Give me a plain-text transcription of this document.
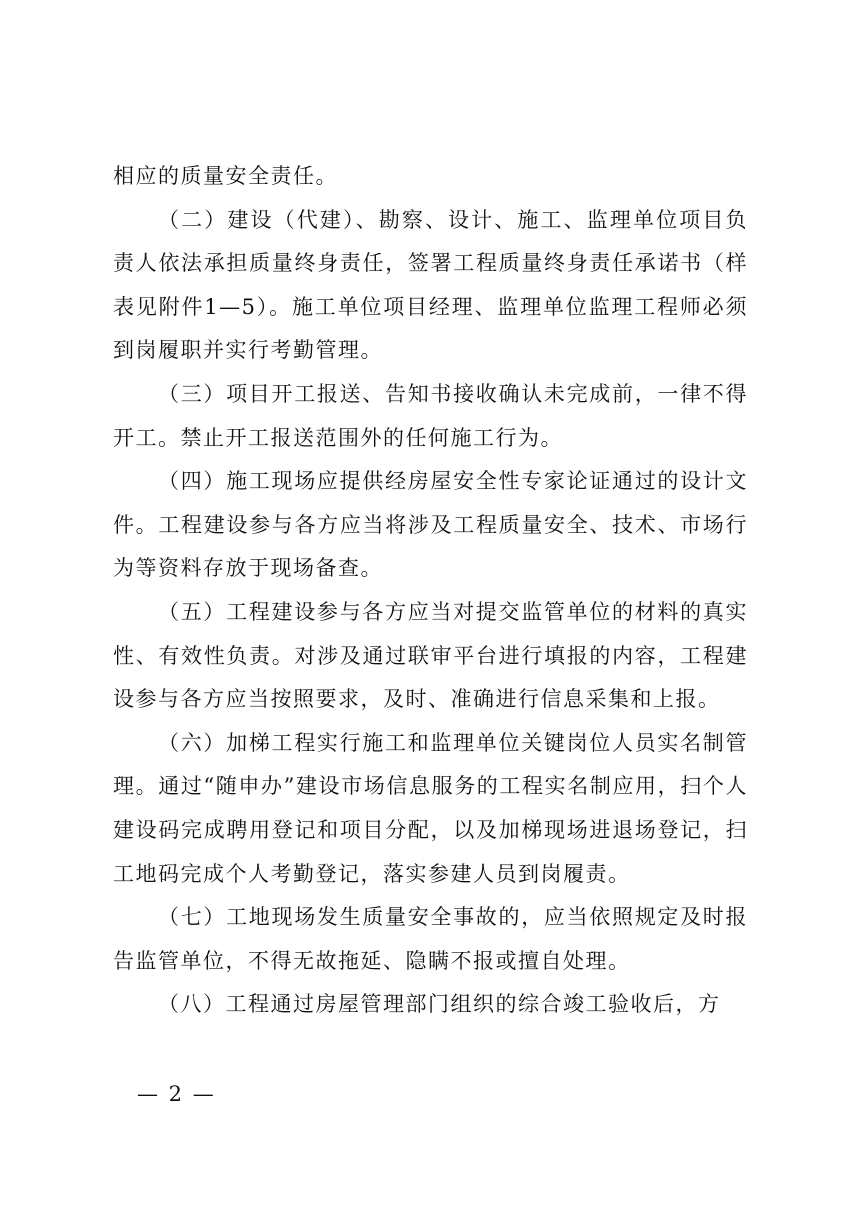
相应的质量安全责任。

（二）建设（代建）、勘察、设计、施工、监理单位项目负责人依法承担质量终身责任，签署工程质量终身责任承诺书（样表见附件1—5）。施工单位项目经理、监理单位监理工程师必须到岗履职并实行考勤管理。

（三）项目开工报送、告知书接收确认未完成前，一律不得开工。禁止开工报送范围外的任何施工行为。

（四）施工现场应提供经房屋安全性专家论证通过的设计文件。工程建设参与各方应当将涉及工程质量安全、技术、市场行为等资料存放于现场备查。

（五）工程建设参与各方应当对提交监管单位的材料的真实性、有效性负责。对涉及通过联审平台进行填报的内容，工程建设参与各方应当按照要求，及时、准确进行信息采集和上报。

（六）加梯工程实行施工和监理单位关键岗位人员实名制管理。通过“随申办”建设市场信息服务的工程实名制应用，扫个人建设码完成聘用登记和项目分配，以及加梯现场进退场登记，扫工地码完成个人考勤登记，落实参建人员到岗履责。

（七）工地现场发生质量安全事故的，应当依照规定及时报告监管单位，不得无故拖延、隐瞒不报或擅自处理。

（八）工程通过房屋管理部门组织的综合竣工验收后，方

— 2 —
